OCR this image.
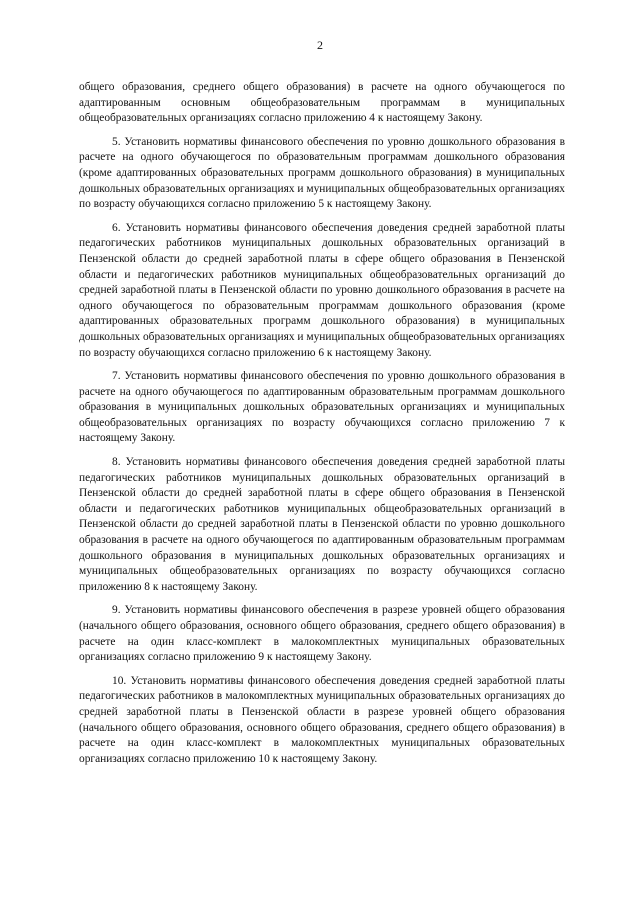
2

общего образования, среднего общего образования) в расчете на одного обучающегося по адаптированным основным общеобразовательным программам в муниципальных общеобразовательных организациях согласно приложению 4 к настоящему Закону.

5. Установить нормативы финансового обеспечения по уровню дошкольного образования в расчете на одного обучающегося по образовательным программам дошкольного образования (кроме адаптированных образовательных программ дошкольного образования) в муниципальных дошкольных образовательных организациях и муниципальных общеобразовательных организациях по возрасту обучающихся согласно приложению 5 к настоящему Закону.

6. Установить нормативы финансового обеспечения доведения средней заработной платы педагогических работников муниципальных дошкольных образовательных организаций в Пензенской области до средней заработной платы в сфере общего образования в Пензенской области и педагогических работников муниципальных общеобразовательных организаций до средней заработной платы в Пензенской области по уровню дошкольного образования в расчете на одного обучающегося по образовательным программам дошкольного образования (кроме адаптированных образовательных программ дошкольного образования) в муниципальных дошкольных образовательных организациях и муниципальных общеобразовательных организациях по возрасту обучающихся согласно приложению 6 к настоящему Закону.

7. Установить нормативы финансового обеспечения по уровню дошкольного образования в расчете на одного обучающегося по адаптированным образовательным программам дошкольного образования в муниципальных дошкольных образовательных организациях и муниципальных общеобразовательных организациях по возрасту обучающихся согласно приложению 7 к настоящему Закону.

8. Установить нормативы финансового обеспечения доведения средней заработной платы педагогических работников муниципальных дошкольных образовательных организаций в Пензенской области до средней заработной платы в сфере общего образования в Пензенской области и педагогических работников муниципальных общеобразовательных организаций в Пензенской области до средней заработной платы в Пензенской области по уровню дошкольного образования в расчете на одного обучающегося по адаптированным образовательным программам дошкольного образования в муниципальных дошкольных образовательных организациях и муниципальных общеобразовательных организациях по возрасту обучающихся согласно приложению 8 к настоящему Закону.

9. Установить нормативы финансового обеспечения в разрезе уровней общего образования (начального общего образования, основного общего образования, среднего общего образования) в расчете на один класс-комплект в малокомплектных муниципальных образовательных организациях согласно приложению 9 к настоящему Закону.

10. Установить нормативы финансового обеспечения доведения средней заработной платы педагогических работников в малокомплектных муниципальных образовательных организациях до средней заработной платы в Пензенской области в разрезе уровней общего образования (начального общего образования, основного общего образования, среднего общего образования) в расчете на один класс-комплект в малокомплектных муниципальных образовательных организациях согласно приложению 10 к настоящему Закону.
